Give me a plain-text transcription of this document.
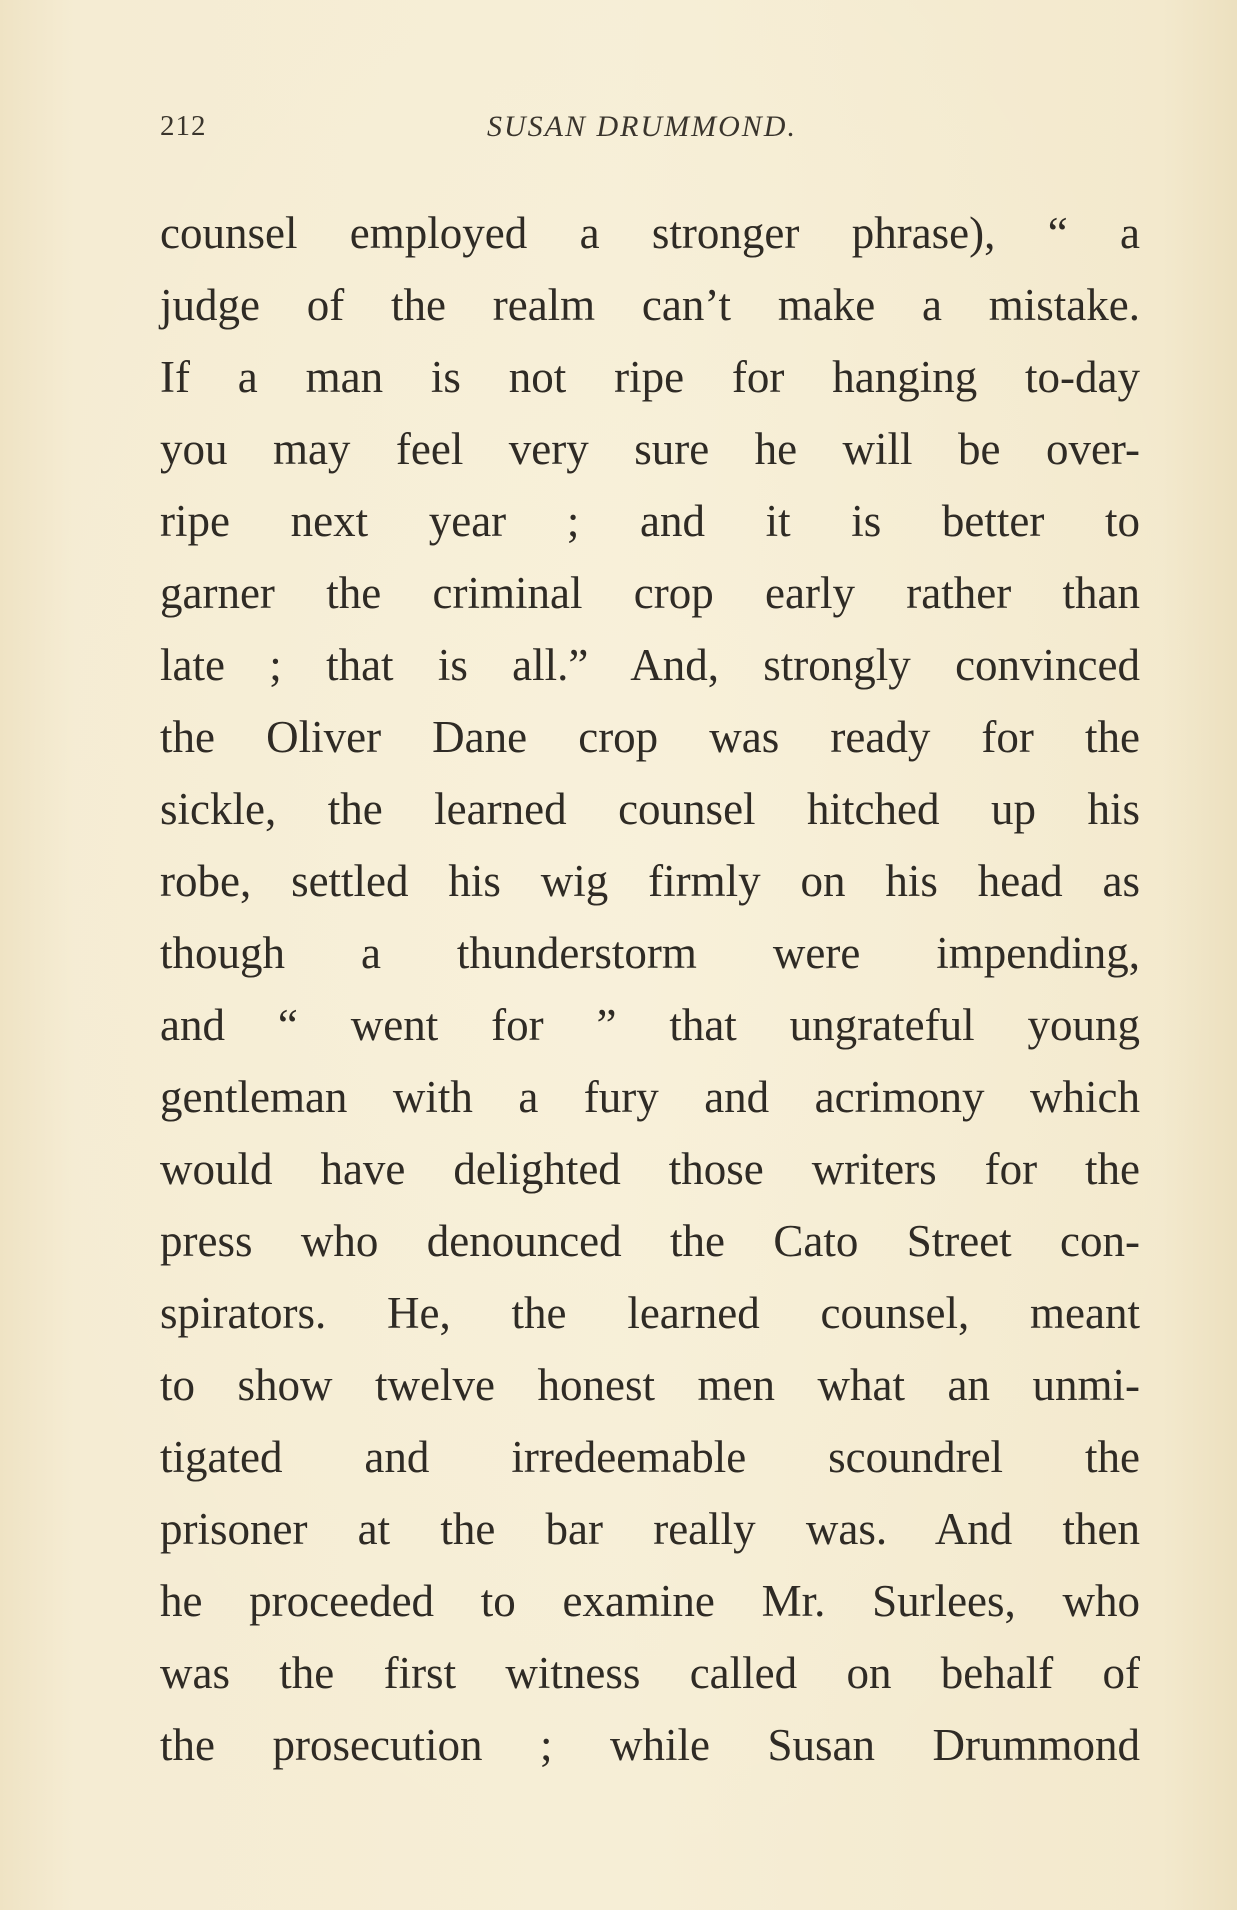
212	SUSAN DRUMMOND.
counsel employed a stronger phrase), “ a
judge of the realm can’t make a mistake.
If a man is not ripe for hanging to-day
you may feel very sure he will be over-
ripe next year ; and it is better to
garner the criminal crop early rather than
late ; that is all.” And, strongly convinced
the Oliver Dane crop was ready for the
sickle, the learned counsel hitched up his
robe, settled his wig firmly on his head as
though a thunderstorm were impending,
and “ went for ” that ungrateful young
gentleman with a fury and acrimony which
would have delighted those writers for the
press who denounced the Cato Street con-
spirators. He, the learned counsel, meant
to show twelve honest men what an unmi-
tigated and irredeemable scoundrel the
prisoner at the bar really was. And then
he proceeded to examine Mr. Surlees, who
was the first witness called on behalf of
the prosecution ; while Susan Drummond
